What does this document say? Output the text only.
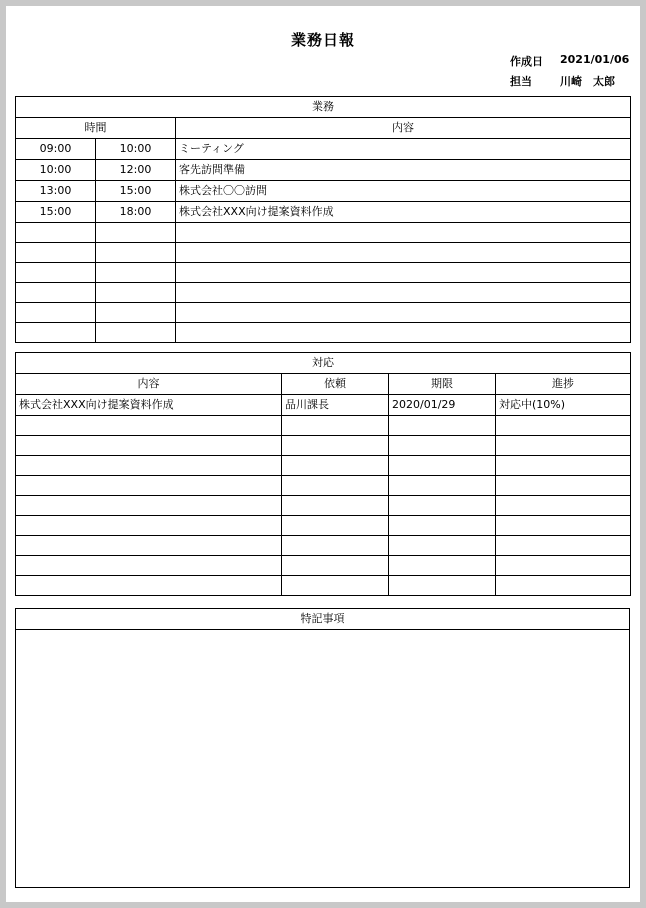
業務日報
作成日 2021/01/06
担当	川崎　太郎
業務		
時間		内容
09:00	10:00	ミーティング
10:00	12:00	客先訪問準備
13:00	15:00	株式会社〇〇訪問
15:00	18:00	株式会社XXX向け提案資料作成

対応			
内容	依頼	期限	進捗
株式会社XXX向け提案資料作成	品川課長	2020/01/29	対応中(10%)

特記事項
